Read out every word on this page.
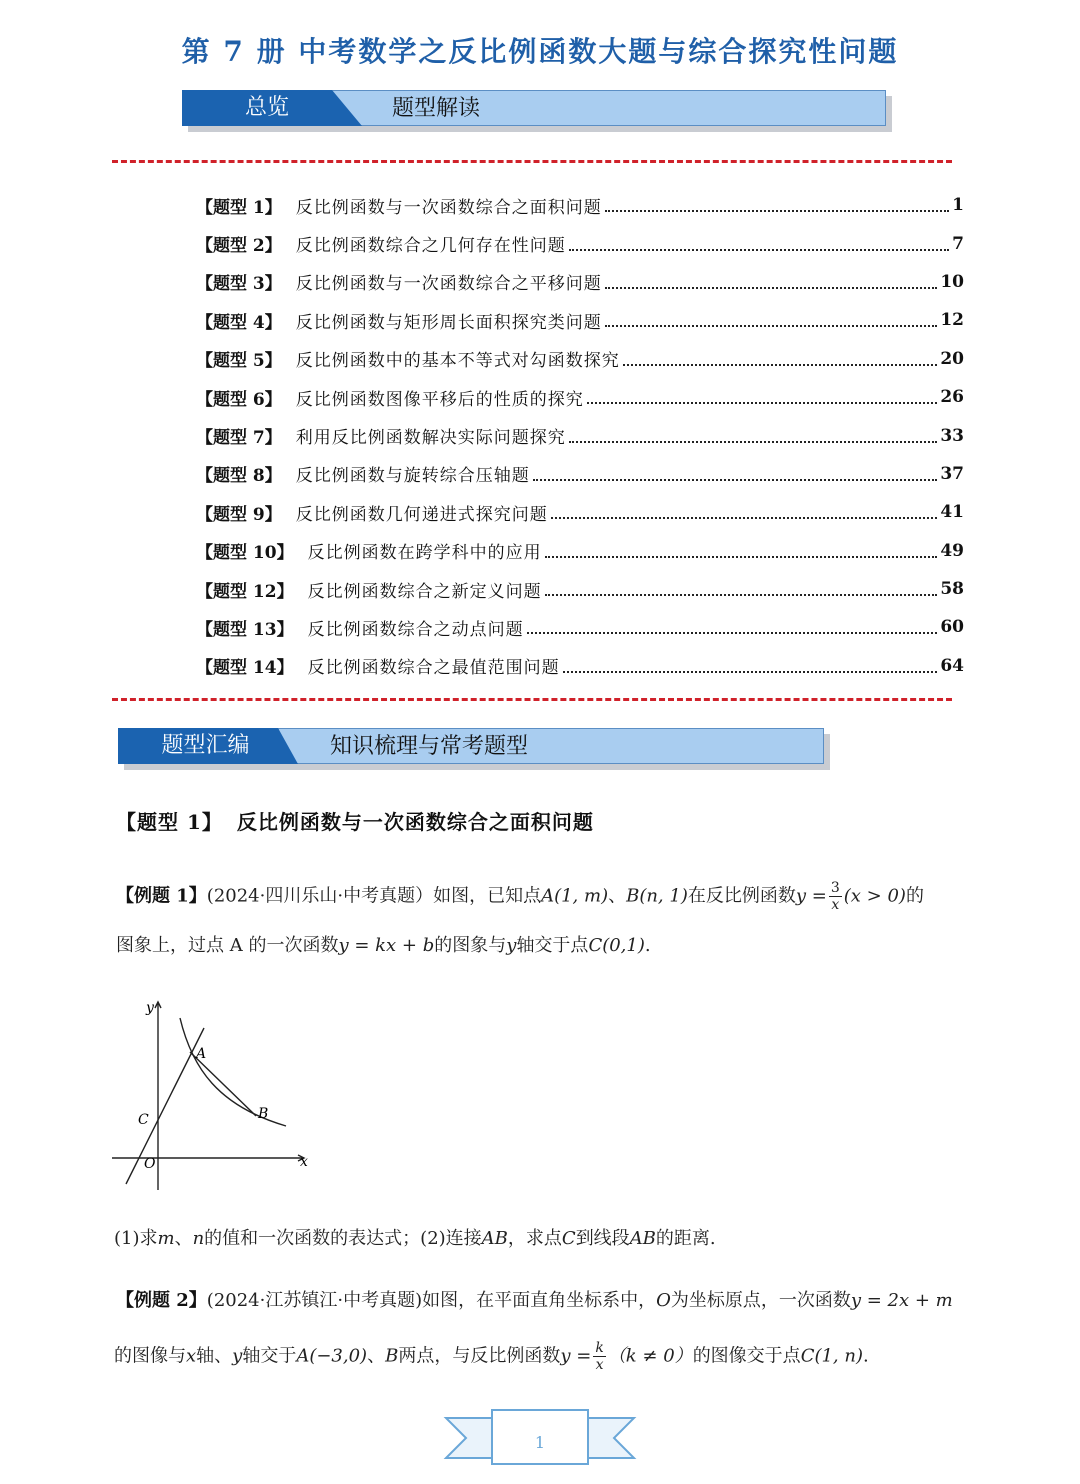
第 7 册 中考数学之反比例函数大题与综合探究性问题
总览	题型解读
【题型 1】 反比例函数与一次函数综合之面积问题	1
【题型 2】 反比例函数综合之几何存在性问题	7
【题型 3】 反比例函数与一次函数综合之平移问题	10
【题型 4】 反比例函数与矩形周长面积探究类问题	12
【题型 5】 反比例函数中的基本不等式对勾函数探究	20
【题型 6】 反比例函数图像平移后的性质的探究	26
【题型 7】 利用反比例函数解决实际问题探究	33
【题型 8】 反比例函数与旋转综合压轴题	37
【题型 9】 反比例函数几何递进式探究问题	41
【题型 10】 反比例函数在跨学科中的应用	49
【题型 12】 反比例函数综合之新定义问题	58
【题型 13】 反比例函数综合之动点问题	60
【题型 14】 反比例函数综合之最值范围问题	64
题型汇编	知识梳理与常考题型
【题型 1】 反比例函数与一次函数综合之面积问题
【例题 1】(2024·四川乐山·中考真题）如图，已知点A(1, m)、B(n, 1)在反比例函数$y = \frac{3}{x} (x > 0)$的
图象上，过点 A 的一次函数y = kx + b的图象与y轴交于点C(0,1).
y
x
O
A
B
C
(1)求m、n的值和一次函数的表达式；(2)连接AB，求点C到线段AB的距离.
【例题 2】(2024·江苏镇江·中考真题)如图，在平面直角坐标系中，O为坐标原点，一次函数y = 2x + m
的图像与x轴、y轴交于A(−3,0)、B两点，与反比例函数$y = \frac{k}{x} (k \ne 0)$的图像交于点C(1, n).
1
